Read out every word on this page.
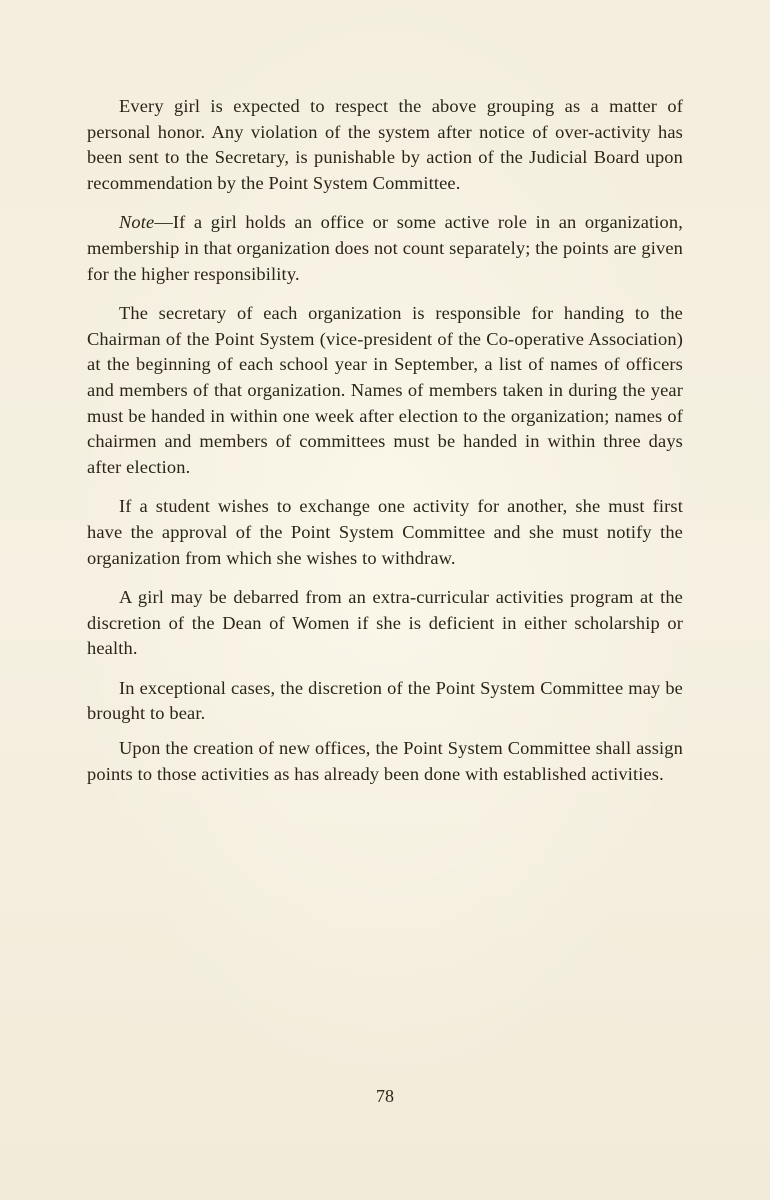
Every girl is expected to respect the above grouping as a matter of personal honor. Any violation of the system after notice of over-activity has been sent to the Secretary, is punishable by action of the Judicial Board upon recommendation by the Point System Committee.

Note—If a girl holds an office or some active role in an organization, membership in that organization does not count separately; the points are given for the higher responsibility.

The secretary of each organization is responsible for handing to the Chairman of the Point System (vice-president of the Co-operative Association) at the beginning of each school year in September, a list of names of officers and members of that organization. Names of members taken in during the year must be handed in within one week after election to the organization; names of chairmen and members of committees must be handed in within three days after election.

If a student wishes to exchange one activity for another, she must first have the approval of the Point System Committee and she must notify the organization from which she wishes to withdraw.

A girl may be debarred from an extra-curricular activities program at the discretion of the Dean of Women if she is deficient in either scholarship or health.

In exceptional cases, the discretion of the Point System Committee may be brought to bear.

Upon the creation of new offices, the Point System Committee shall assign points to those activities as has already been done with established activities.

78
